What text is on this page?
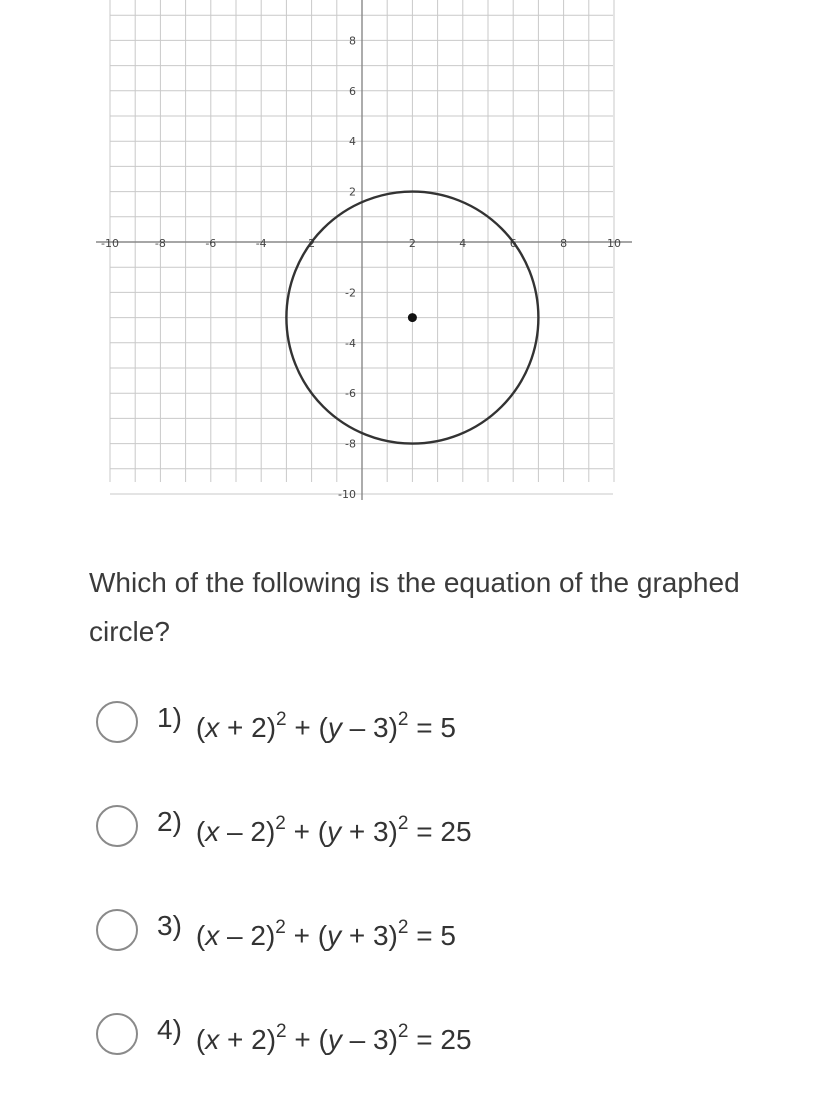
-10	-8	-6	-4	2	2	4	6	8	10
8
6
4
2
-2
-4
-6
-8
-10

Which of the following is the equation of the graphed circle?

1) $(x + 2)^2 + (y - 3)^2 = 5$
2) $(x - 2)^2 + (y + 3)^2 = 25$
3) $(x - 2)^2 + (y + 3)^2 = 5$
4) $(x + 2)^2 + (y - 3)^2 = 25$
